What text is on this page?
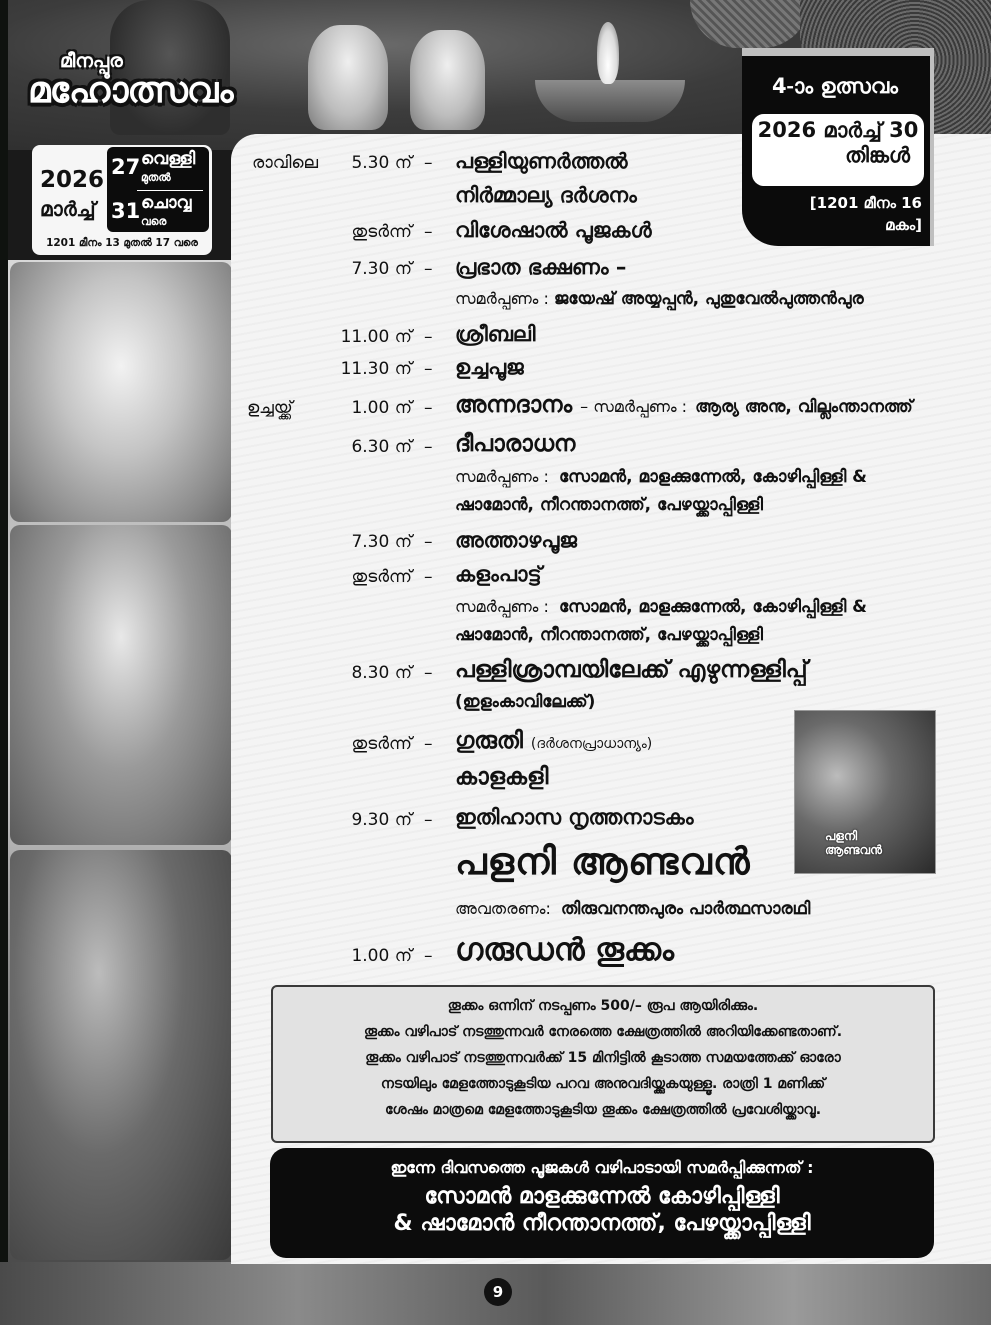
മീനപ്പൂര
മഹോത്സവം
2026
മാർച്ച്
27 വെള്ളി
മുതൽ
31 ചൊവ്വ
വരെ
1201 മീനം 13 മുതൽ 17 വരെ
4-ാം ഉത്സവം
2026 മാർച്ച് 30
തിങ്കൾ
[1201 മീനം 16 മകം]
രാവിലെ	5.30 ന് – പള്ളിയുണർത്തൽ
നിർമ്മാല്യ ദർശനം
തുടർന്ന് – വിശേഷാൽ പൂജകൾ
7.30 ന് – പ്രഭാത ഭക്ഷണം –
സമർപ്പണം : ജയേഷ് അയ്യപ്പൻ, പുതുവേൽപുത്തൻപുര
11.00 ന് – ശ്രീബലി
11.30 ന് – ഉച്ചപൂജ
ഉച്ചയ്ക്ക്	1.00 ന് – അന്നദാനം – സമർപ്പണം : ആര്യ അനു, വില്ലംന്താനത്ത്
6.30 ന് – ദീപാരാധന
സമർപ്പണം : സോമൻ, മാളക്കുന്നേൽ, കോഴിപ്പിള്ളി &
ഷാമോൻ, നീറന്താനത്ത്, പേഴയ്ക്കാപ്പിള്ളി
7.30 ന് – അത്താഴപൂജ
തുടർന്ന് – കളംപാട്ട്
സമർപ്പണം : സോമൻ, മാളക്കുന്നേൽ, കോഴിപ്പിള്ളി &
ഷാമോൻ, നീറന്താനത്ത്, പേഴയ്ക്കാപ്പിള്ളി
8.30 ന് – പള്ളിശ്രാമ്പയിലേക്ക് എഴുന്നള്ളിപ്പ്
(ഇളംകാവിലേക്ക്)
തുടർന്ന് – ഗുരുതി (ദർശനപ്രാധാന്യം)
കാളകളി
9.30 ന് – ഇതിഹാസ നൃത്തനാടകം
പളനി ആണ്ടവൻ
അവതരണം: തിരുവനന്തപുരം പാർത്ഥസാരഥി
1.00 ന് – ഗരുഡൻ തൂക്കം
പളനി
ആണ്ടവൻ

തൂക്കം ഒന്നിന് നടപ്പണം 500/– രൂപ ആയിരിക്കും.

തൂക്കം വഴിപാട് നടത്തുന്നവർ നേരത്തെ ക്ഷേത്രത്തിൽ അറിയിക്കേണ്ടതാണ്.

തൂക്കം വഴിപാട് നടത്തുന്നവർക്ക് 15 മിനിട്ടിൽ കൂടാത്ത സമയത്തേക്ക് ഓരോ

നടയിലും മേളത്തോടുകൂടിയ പറവ അനുവദിയ്ക്കുകയുള്ളൂ. രാത്രി 1 മണിക്ക്

ശേഷം മാത്രമെ മേളത്തോടുകൂടിയ തൂക്കം ക്ഷേത്രത്തിൽ പ്രവേശിയ്ക്കാവൂ.

ഇന്നേ ദിവസത്തെ പൂജകൾ വഴിപാടായി സമർപ്പിക്കുന്നത് :
സോമൻ മാളക്കുന്നേൽ കോഴിപ്പിള്ളി
& ഷാമോൻ നീറന്താനത്ത്, പേഴയ്ക്കാപ്പിള്ളി
9
